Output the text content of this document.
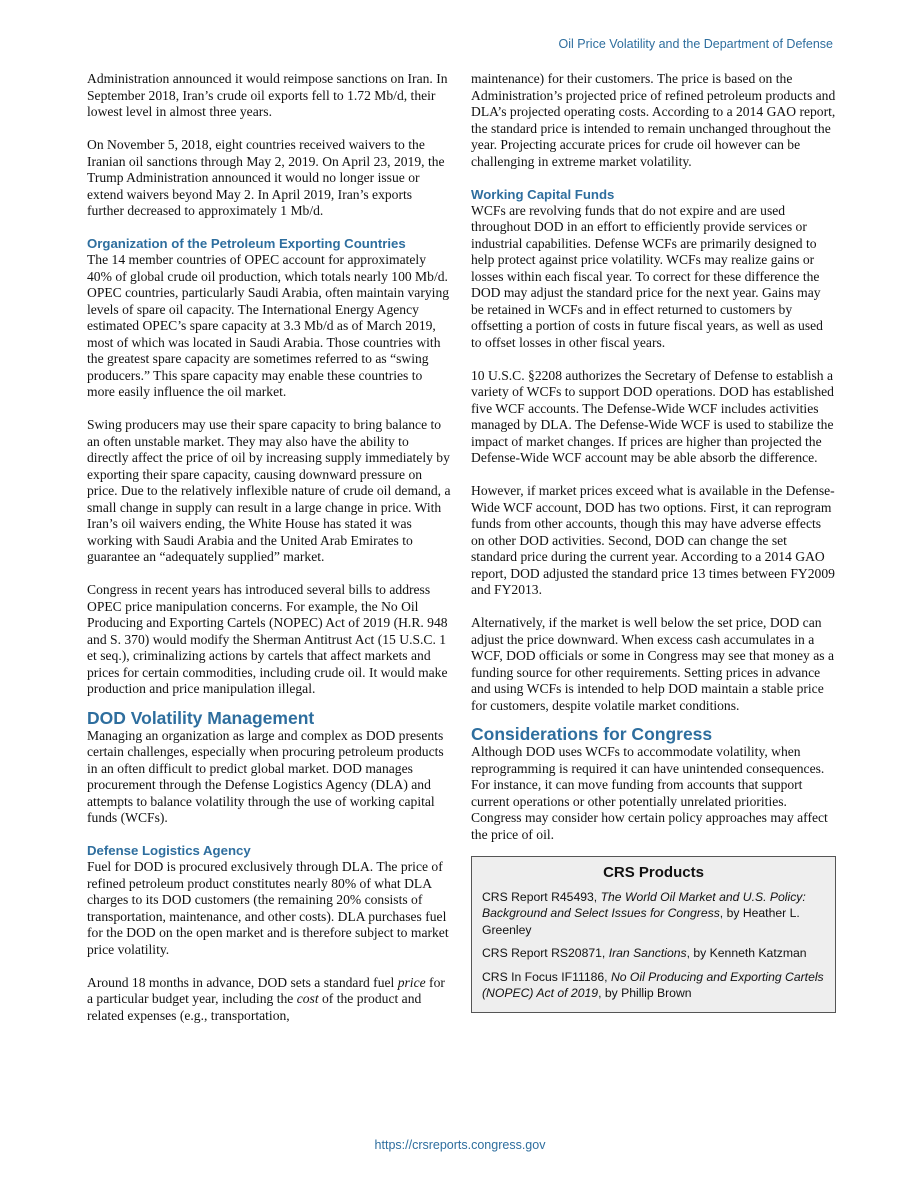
Oil Price Volatility and the Department of Defense

Administration announced it would reimpose sanctions on Iran. In September 2018, Iran’s crude oil exports fell to 1.72 Mb/d, their lowest level in almost three years.

On November 5, 2018, eight countries received waivers to the Iranian oil sanctions through May 2, 2019. On April 23, 2019, the Trump Administration announced it would no longer issue or extend waivers beyond May 2. In April 2019, Iran’s exports further decreased to approximately 1 Mb/d.

Organization of the Petroleum Exporting Countries

The 14 member countries of OPEC account for approximately 40% of global crude oil production, which totals nearly 100 Mb/d. OPEC countries, particularly Saudi Arabia, often maintain varying levels of spare oil capacity. The International Energy Agency estimated OPEC’s spare capacity at 3.3 Mb/d as of March 2019, most of which was located in Saudi Arabia. Those countries with the greatest spare capacity are sometimes referred to as “swing producers.” This spare capacity may enable these countries to more easily influence the oil market.

Swing producers may use their spare capacity to bring balance to an often unstable market. They may also have the ability to directly affect the price of oil by increasing supply immediately by exporting their spare capacity, causing downward pressure on price. Due to the relatively inflexible nature of crude oil demand, a small change in supply can result in a large change in price. With Iran’s oil waivers ending, the White House has stated it was working with Saudi Arabia and the United Arab Emirates to guarantee an “adequately supplied” market.

Congress in recent years has introduced several bills to address OPEC price manipulation concerns. For example, the No Oil Producing and Exporting Cartels (NOPEC) Act of 2019 (H.R. 948 and S. 370) would modify the Sherman Antitrust Act (15 U.S.C. 1 et seq.), criminalizing actions by cartels that affect markets and prices for certain commodities, including crude oil. It would make production and price manipulation illegal.

DOD Volatility Management

Managing an organization as large and complex as DOD presents certain challenges, especially when procuring petroleum products in an often difficult to predict global market. DOD manages procurement through the Defense Logistics Agency (DLA) and attempts to balance volatility through the use of working capital funds (WCFs).

Defense Logistics Agency

Fuel for DOD is procured exclusively through DLA. The price of refined petroleum product constitutes nearly 80% of what DLA charges to its DOD customers (the remaining 20% consists of transportation, maintenance, and other costs). DLA purchases fuel for the DOD on the open market and is therefore subject to market price volatility.

Around 18 months in advance, DOD sets a standard fuel price for a particular budget year, including the cost of the product and related expenses (e.g., transportation,

maintenance) for their customers. The price is based on the Administration’s projected price of refined petroleum products and DLA’s projected operating costs. According to a 2014 GAO report, the standard price is intended to remain unchanged throughout the year. Projecting accurate prices for crude oil however can be challenging in extreme market volatility.

Working Capital Funds

WCFs are revolving funds that do not expire and are used throughout DOD in an effort to efficiently provide services or industrial capabilities. Defense WCFs are primarily designed to help protect against price volatility. WCFs may realize gains or losses within each fiscal year. To correct for these difference the DOD may adjust the standard price for the next year. Gains may be retained in WCFs and in effect returned to customers by offsetting a portion of costs in future fiscal years, as well as used to offset losses in other fiscal years.

10 U.S.C. §2208 authorizes the Secretary of Defense to establish a variety of WCFs to support DOD operations. DOD has established five WCF accounts. The Defense-Wide WCF includes activities managed by DLA. The Defense-Wide WCF is used to stabilize the impact of market changes. If prices are higher than projected the Defense-Wide WCF account may be able absorb the difference.

However, if market prices exceed what is available in the Defense-Wide WCF account, DOD has two options. First, it can reprogram funds from other accounts, though this may have adverse effects on other DOD activities. Second, DOD can change the set standard price during the current year. According to a 2014 GAO report, DOD adjusted the standard price 13 times between FY2009 and FY2013.

Alternatively, if the market is well below the set price, DOD can adjust the price downward. When excess cash accumulates in a WCF, DOD officials or some in Congress may see that money as a funding source for other requirements. Setting prices in advance and using WCFs is intended to help DOD maintain a stable price for customers, despite volatile market conditions.

Considerations for Congress

Although DOD uses WCFs to accommodate volatility, when reprogramming is required it can have unintended consequences. For instance, it can move funding from accounts that support current operations or other potentially unrelated priorities. Congress may consider how certain policy approaches may affect the price of oil.

CRS Products
CRS Report R45493, The World Oil Market and U.S. Policy: Background and Select Issues for Congress, by Heather L. Greenley
CRS Report RS20871, Iran Sanctions, by Kenneth Katzman
CRS In Focus IF11186, No Oil Producing and Exporting Cartels (NOPEC) Act of 2019, by Phillip Brown
https://crsreports.congress.gov
